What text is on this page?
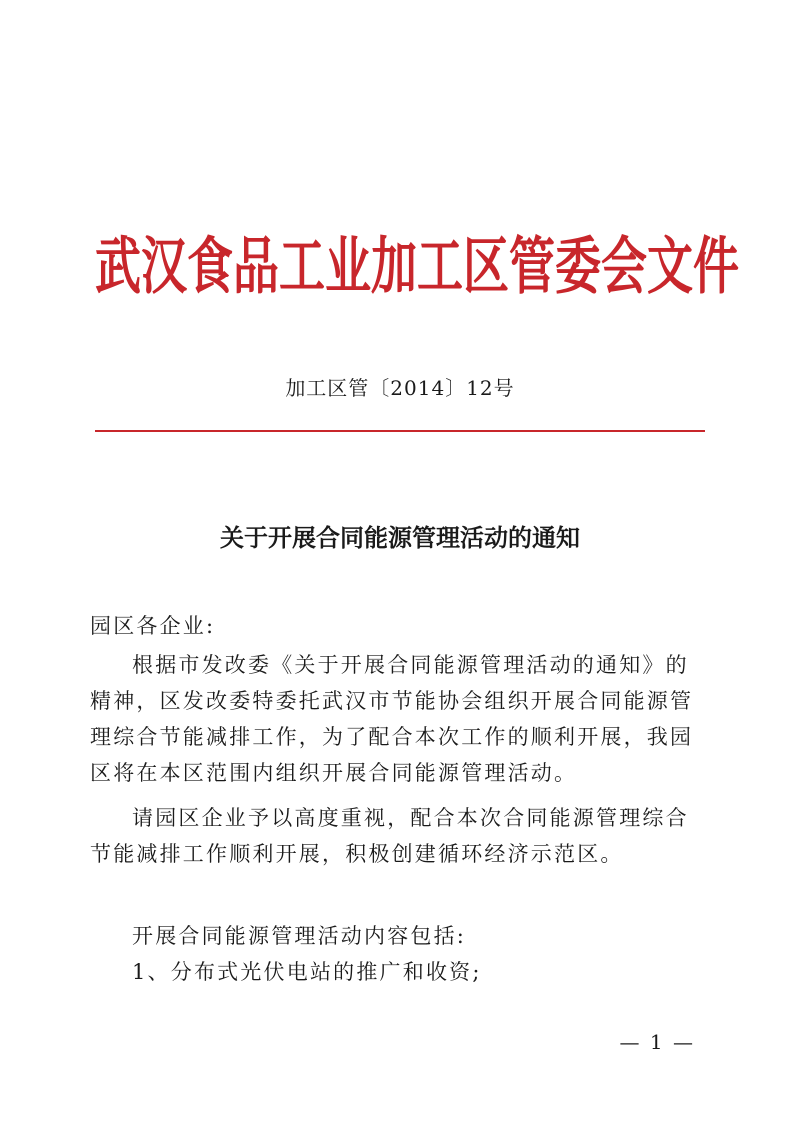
武汉食品工业加工区管委会文件
加工区管〔2014〕12号
关于开展合同能源管理活动的通知
园区各企业:

根据市发改委《关于开展合同能源管理活动的通知》的精神，区发改委特委托武汉市节能协会组织开展合同能源管理综合节能减排工作，为了配合本次工作的顺利开展，我园区将在本区范围内组织开展合同能源管理活动。

请园区企业予以高度重视，配合本次合同能源管理综合节能减排工作顺利开展，积极创建循环经济示范区。

开展合同能源管理活动内容包括:
1、分布式光伏电站的推广和收资;
— 1 —
